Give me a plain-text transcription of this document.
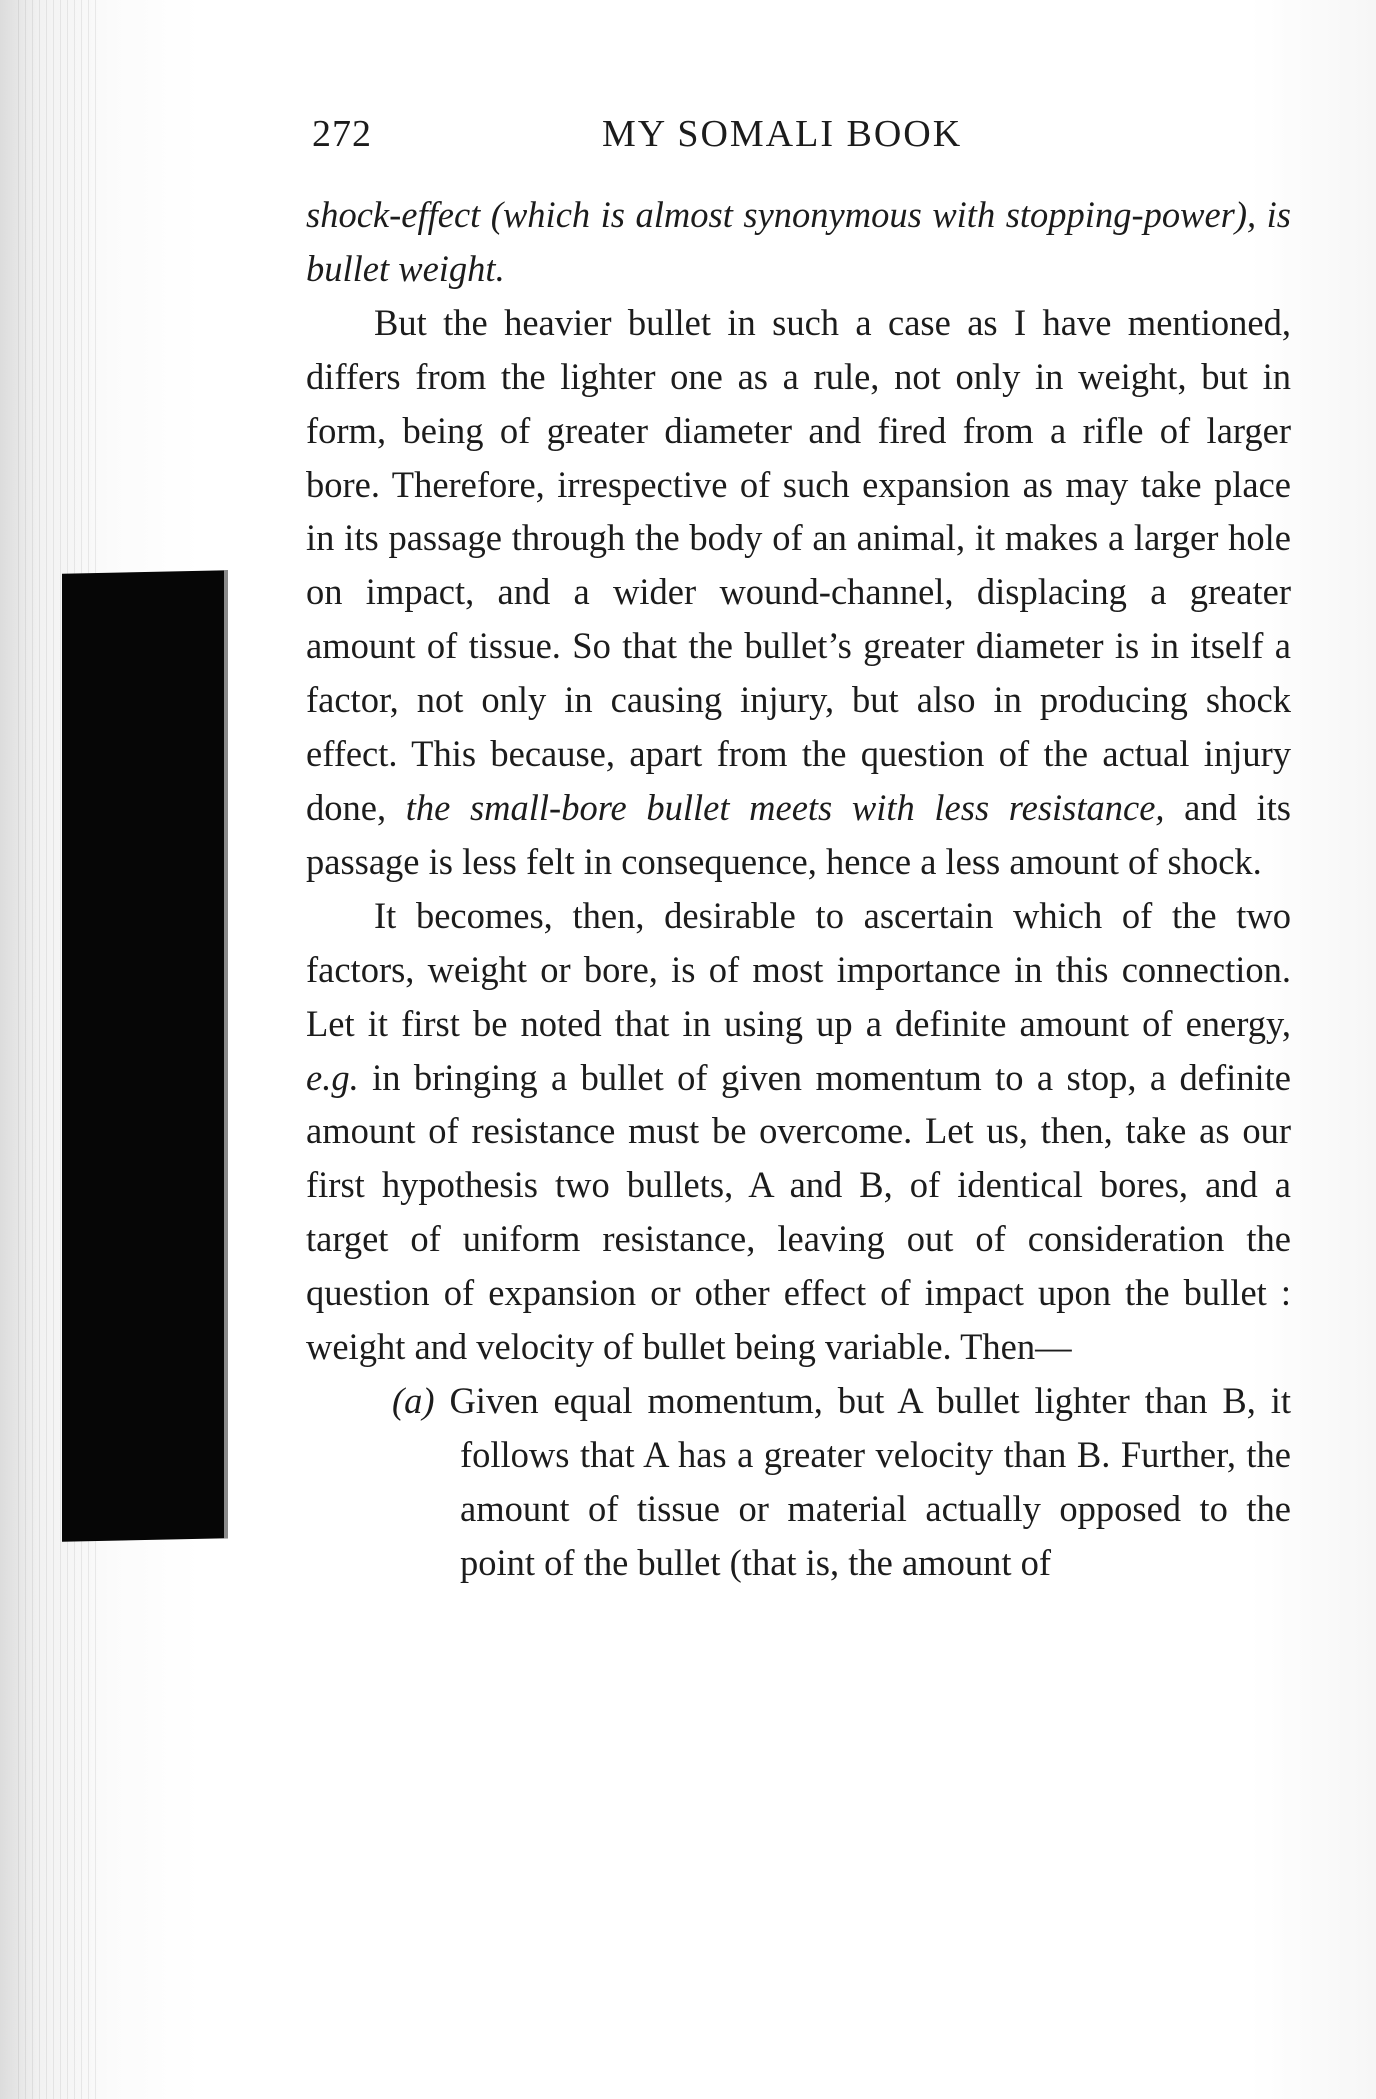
272	MY SOMALI BOOK

shock-effect (which is almost synonymous with stopping-power), is bullet weight.

But the heavier bullet in such a case as I have mentioned, differs from the lighter one as a rule, not only in weight, but in form, being of greater diameter and fired from a rifle of larger bore. Therefore, irrespective of such expansion as may take place in its passage through the body of an animal, it makes a larger hole on impact, and a wider wound-channel, displacing a greater amount of tissue. So that the bullet’s greater diameter is in itself a factor, not only in causing injury, but also in producing shock effect. This because, apart from the question of the actual injury done, the small-bore bullet meets with less resistance, and its passage is less felt in consequence, hence a less amount of shock.

It becomes, then, desirable to ascertain which of the two factors, weight or bore, is of most importance in this connection. Let it first be noted that in using up a definite amount of energy, e.g. in bringing a bullet of given momentum to a stop, a definite amount of resistance must be overcome. Let us, then, take as our first hypothesis two bullets, A and B, of identical bores, and a target of uniform resistance, leaving out of consideration the question of expansion or other effect of impact upon the bullet : weight and velocity of bullet being variable. Then—

(a) Given equal momentum, but A bullet lighter than B, it follows that A has a greater velocity than B. Further, the amount of tissue or material actually opposed to the point of the bullet (that is, the amount of
